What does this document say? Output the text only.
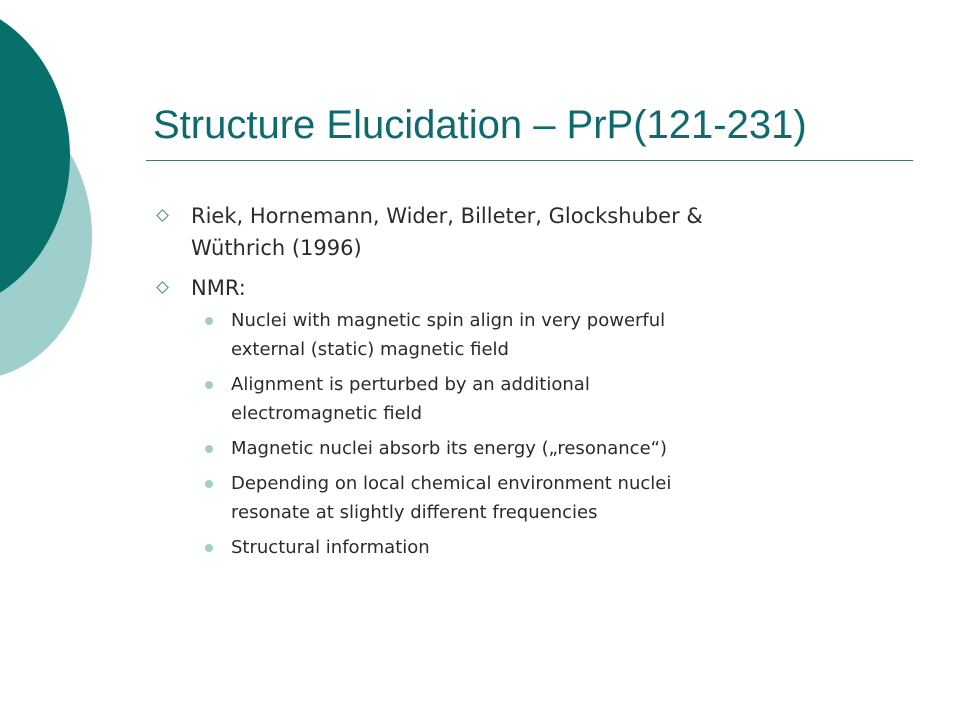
Structure Elucidation – PrP(121-231)
Riek, Hornemann, Wider, Billeter, Glockshuber &
Wüthrich (1996)
NMR:
Nuclei with magnetic spin align in very powerful
external (static) magnetic field
Alignment is perturbed by an additional
electromagnetic field
Magnetic nuclei absorb its energy („resonance“)
Depending on local chemical environment nuclei
resonate at slightly different frequencies
Structural information
